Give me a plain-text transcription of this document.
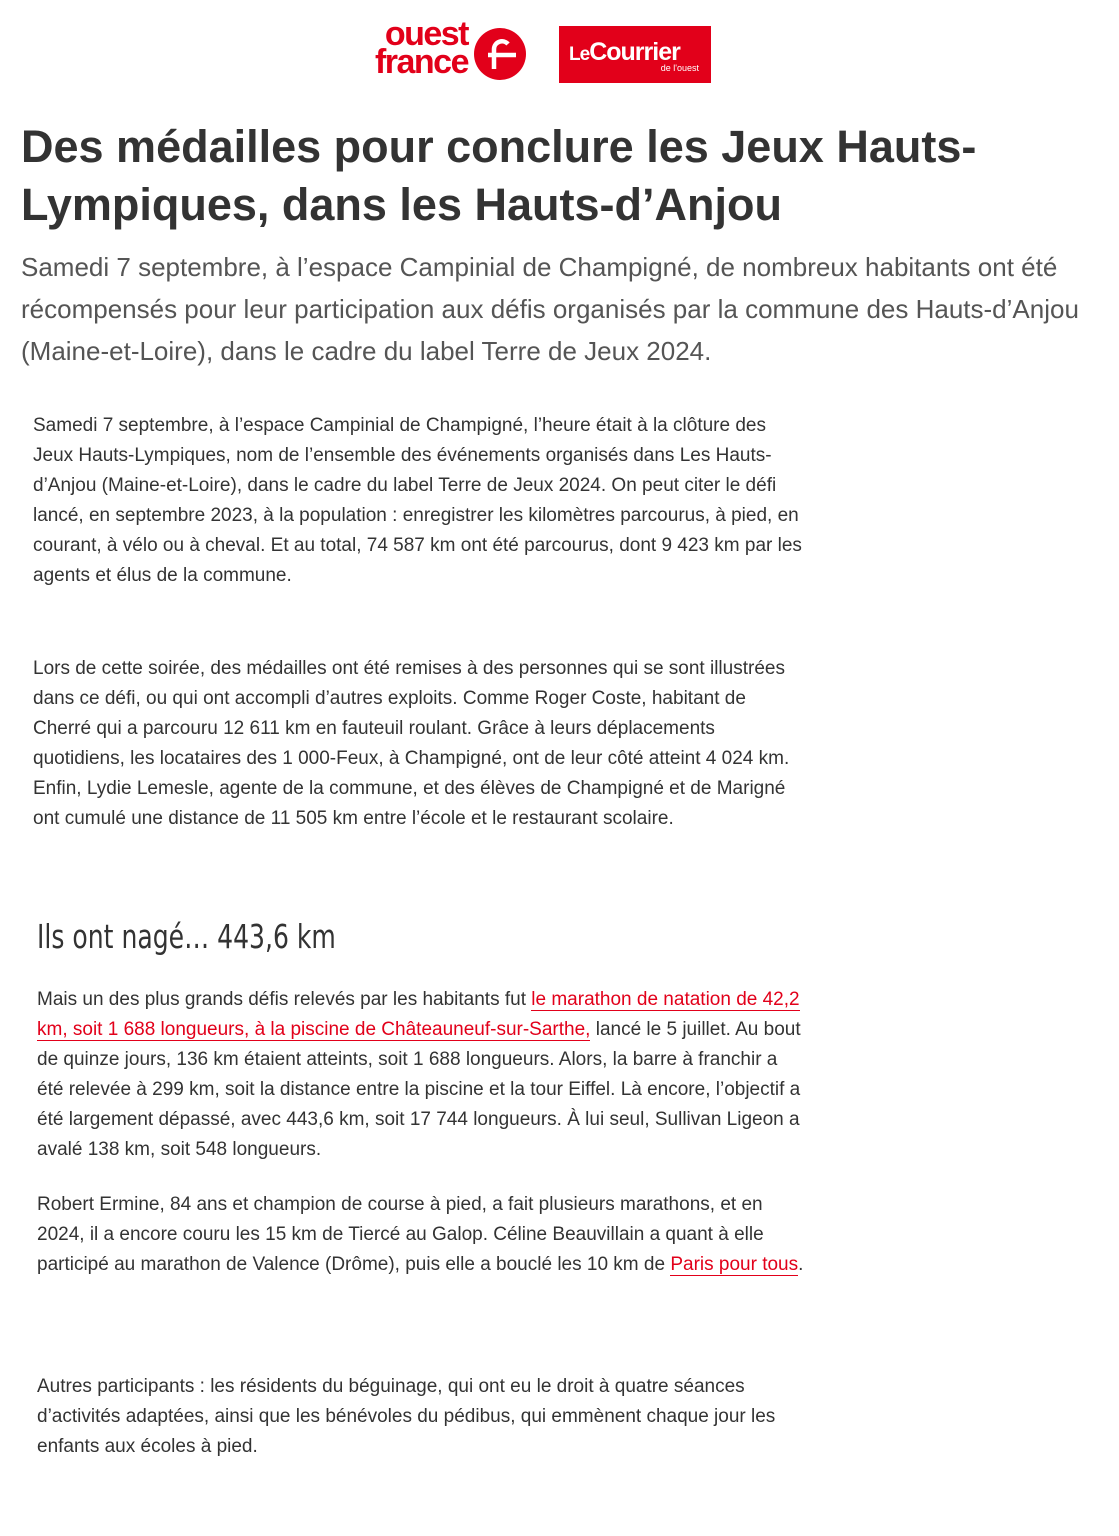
ouest
france	LeCourrier
de l'ouest
Des médailles pour conclure les Jeux Hauts-Lympiques, dans les Hauts-d’Anjou

Samedi 7 septembre, à l’espace Campinial de Champigné, de nombreux habitants ont été récompensés pour leur participation aux défis organisés par la commune des Hauts-d’Anjou (Maine-et-Loire), dans le cadre du label Terre de Jeux 2024.

Samedi 7 septembre, à l’espace Campinial de Champigné, l’heure était à la clôture des Jeux Hauts-Lympiques, nom de l’ensemble des événements organisés dans Les Hauts-d’Anjou (Maine-et-Loire), dans le cadre du label Terre de Jeux 2024. On peut citer le défi lancé, en septembre 2023, à la population : enregistrer les kilomètres parcourus, à pied, en courant, à vélo ou à cheval. Et au total, 74 587 km ont été parcourus, dont 9 423 km par les agents et élus de la commune.

Lors de cette soirée, des médailles ont été remises à des personnes qui se sont illustrées dans ce défi, ou qui ont accompli d’autres exploits. Comme Roger Coste, habitant de Cherré qui a parcouru 12 611 km en fauteuil roulant. Grâce à leurs déplacements quotidiens, les locataires des 1 000-Feux, à Champigné, ont de leur côté atteint 4 024 km. Enfin, Lydie Lemesle, agente de la commune, et des élèves de Champigné et de Marigné ont cumulé une distance de 11 505 km entre l’école et le restaurant scolaire.

Ils ont nagé… 443,6 km

Mais un des plus grands défis relevés par les habitants fut le marathon de natation de 42,2 km, soit 1 688 longueurs, à la piscine de Châteauneuf-sur-Sarthe, lancé le 5 juillet. Au bout de quinze jours, 136 km étaient atteints, soit 1 688 longueurs. Alors, la barre à franchir a été relevée à 299 km, soit la distance entre la piscine et la tour Eiffel. Là encore, l’objectif a été largement dépassé, avec 443,6 km, soit 17 744 longueurs. À lui seul, Sullivan Ligeon a avalé 138 km, soit 548 longueurs.

Robert Ermine, 84 ans et champion de course à pied, a fait plusieurs marathons, et en 2024, il a encore couru les 15 km de Tiercé au Galop. Céline Beauvillain a quant à elle participé au marathon de Valence (Drôme), puis elle a bouclé les 10 km de Paris pour tous.

Autres participants : les résidents du béguinage, qui ont eu le droit à quatre séances d’activités adaptées, ainsi que les bénévoles du pédibus, qui emmènent chaque jour les enfants aux écoles à pied.
